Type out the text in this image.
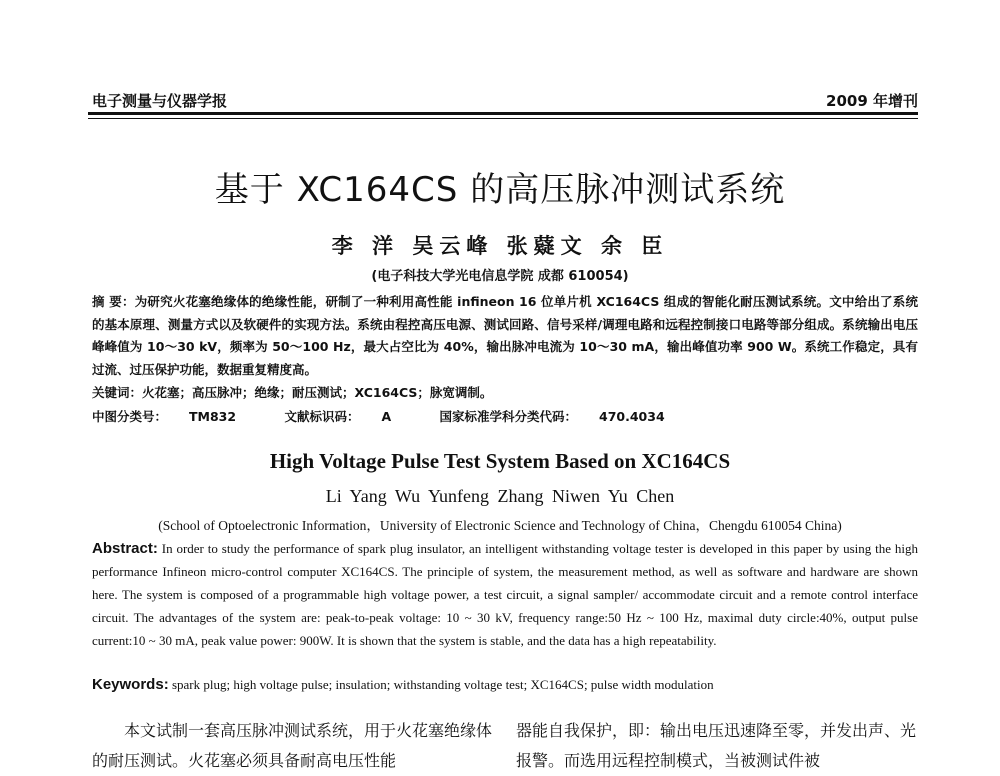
电子测量与仪器学报	2009 年增刊
基于 XC164CS 的高压脉冲测试系统
李 洋 吴云峰 张薿文 余 臣
(电子科技大学光电信息学院 成都 610054)
摘 要：为研究火花塞绝缘体的绝缘性能，研制了一种利用高性能 infineon 16 位单片机 XC164CS 组成的智能化耐压测试系统。文中给出了系统的基本原理、测量方式以及软硬件的实现方法。系统由程控高压电源、测试回路、信号采样/调理电路和远程控制接口电路等部分组成。系统输出电压峰峰值为 10～30 kV，频率为 50～100 Hz，最大占空比为 40%，输出脉冲电流为 10～30 mA，输出峰值功率 900 W。系统工作稳定，具有过流、过压保护功能，数据重复精度高。
关键词：火花塞；高压脉冲；绝缘；耐压测试；XC164CS；脉宽调制。
中图分类号： TM832	文献标识码： A	国家标准学科分类代码： 470.4034
High Voltage Pulse Test System Based on XC164CS
Li Yang Wu Yunfeng Zhang Niwen Yu Chen
(School of Optoelectronic Information，University of Electronic Science and Technology of China，Chengdu 610054 China)
Abstract: In order to study the performance of spark plug insulator, an intelligent withstanding voltage tester is developed in this paper by using the high performance Infineon micro-control computer XC164CS. The principle of system, the measurement method, as well as software and hardware are shown here. The system is composed of a programmable high voltage power, a test circuit, a signal sampler/ accommodate circuit and a remote control interface circuit. The advantages of the system are: peak-to-peak voltage: 10 ~ 30 kV, frequency range:50 Hz ~ 100 Hz, maximal duty circle:40%, output pulse current:10 ~ 30 mA, peak value power: 900W. It is shown that the system is stable, and the data has a high repeatability.
Keywords: spark plug; high voltage pulse; insulation; withstanding voltage test; XC164CS; pulse width modulation
本文试制一套高压脉冲测试系统，用于火花塞绝缘体的耐压测试。火花塞必须具备耐高电压性能
器能自我保护，即：输出电压迅速降至零，并发出声、光报警。而选用远程控制模式，当被测试件被
